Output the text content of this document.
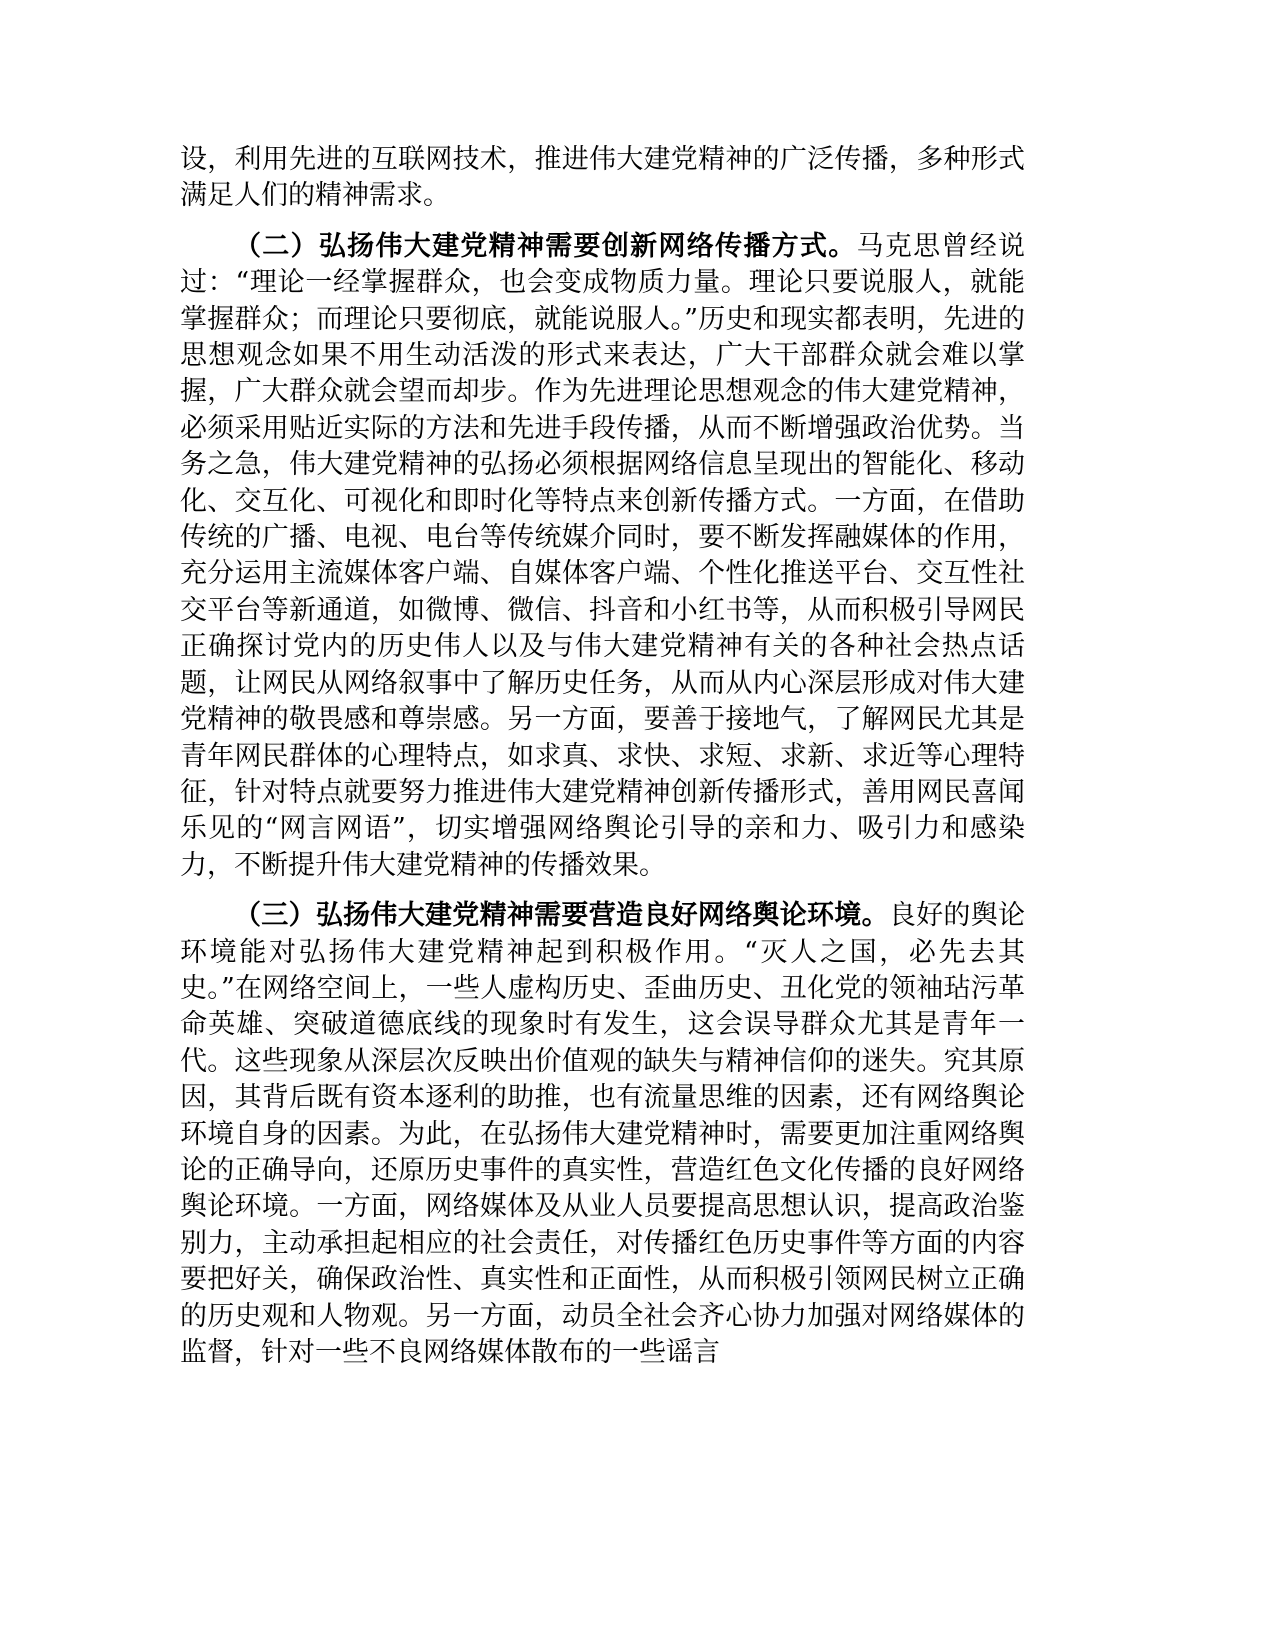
设，利用先进的互联网技术，推进伟大建党精神的广泛传播，多种形式满足人们的精神需求。

（二）弘扬伟大建党精神需要创新网络传播方式。马克思曾经说过：“理论一经掌握群众，也会变成物质力量。理论只要说服人，就能掌握群众；而理论只要彻底，就能说服人。”历史和现实都表明，先进的思想观念如果不用生动活泼的形式来表达，广大干部群众就会难以掌握，广大群众就会望而却步。作为先进理论思想观念的伟大建党精神，必须采用贴近实际的方法和先进手段传播，从而不断增强政治优势。当务之急，伟大建党精神的弘扬必须根据网络信息呈现出的智能化、移动化、交互化、可视化和即时化等特点来创新传播方式。一方面，在借助传统的广播、电视、电台等传统媒介同时，要不断发挥融媒体的作用，充分运用主流媒体客户端、自媒体客户端、个性化推送平台、交互性社交平台等新通道，如微博、微信、抖音和小红书等，从而积极引导网民正确探讨党内的历史伟人以及与伟大建党精神有关的各种社会热点话题，让网民从网络叙事中了解历史任务，从而从内心深层形成对伟大建党精神的敬畏感和尊崇感。另一方面，要善于接地气，了解网民尤其是青年网民群体的心理特点，如求真、求快、求短、求新、求近等心理特征，针对特点就要努力推进伟大建党精神创新传播形式，善用网民喜闻乐见的“网言网语”，切实增强网络舆论引导的亲和力、吸引力和感染力，不断提升伟大建党精神的传播效果。

（三）弘扬伟大建党精神需要营造良好网络舆论环境。良好的舆论环境能对弘扬伟大建党精神起到积极作用。“灭人之国，必先去其史。”在网络空间上，一些人虚构历史、歪曲历史、丑化党的领袖玷污革命英雄、突破道德底线的现象时有发生，这会误导群众尤其是青年一代。这些现象从深层次反映出价值观的缺失与精神信仰的迷失。究其原因，其背后既有资本逐利的助推，也有流量思维的因素，还有网络舆论环境自身的因素。为此，在弘扬伟大建党精神时，需要更加注重网络舆论的正确导向，还原历史事件的真实性，营造红色文化传播的良好网络舆论环境。一方面，网络媒体及从业人员要提高思想认识，提高政治鉴别力，主动承担起相应的社会责任，对传播红色历史事件等方面的内容要把好关，确保政治性、真实性和正面性，从而积极引领网民树立正确的历史观和人物观。另一方面，动员全社会齐心协力加强对网络媒体的监督，针对一些不良网络媒体散布的一些谣言
